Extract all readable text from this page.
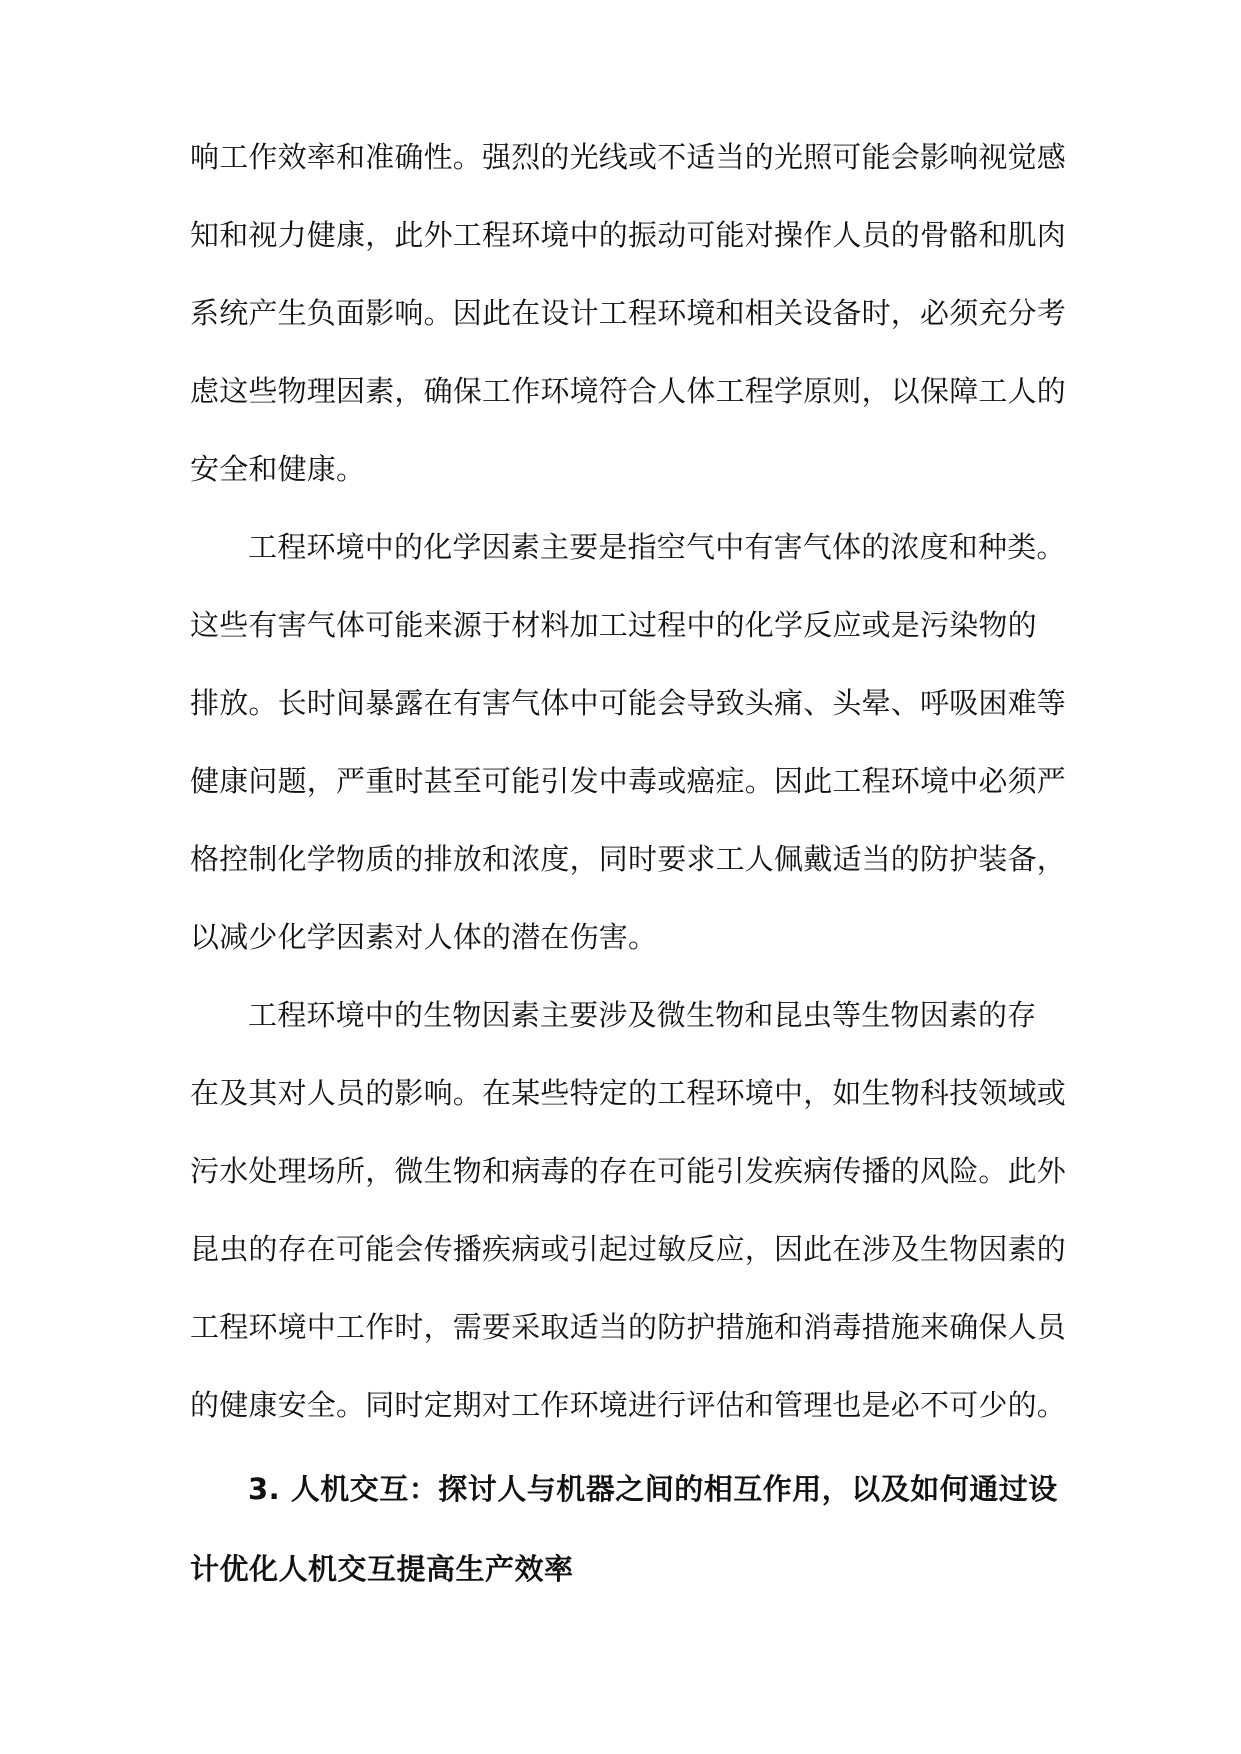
响工作效率和准确性。强烈的光线或不适当的光照可能会影响视觉感
知和视力健康，此外工程环境中的振动可能对操作人员的骨骼和肌肉
系统产生负面影响。因此在设计工程环境和相关设备时，必须充分考
虑这些物理因素，确保工作环境符合人体工程学原则，以保障工人的
安全和健康。
工程环境中的化学因素主要是指空气中有害气体的浓度和种类。
这些有害气体可能来源于材料加工过程中的化学反应或是污染物的
排放。长时间暴露在有害气体中可能会导致头痛、头晕、呼吸困难等
健康问题，严重时甚至可能引发中毒或癌症。因此工程环境中必须严
格控制化学物质的排放和浓度，同时要求工人佩戴适当的防护装备，
以减少化学因素对人体的潜在伤害。
工程环境中的生物因素主要涉及微生物和昆虫等生物因素的存
在及其对人员的影响。在某些特定的工程环境中，如生物科技领域或
污水处理场所，微生物和病毒的存在可能引发疾病传播的风险。此外
昆虫的存在可能会传播疾病或引起过敏反应，因此在涉及生物因素的
工程环境中工作时，需要采取适当的防护措施和消毒措施来确保人员
的健康安全。同时定期对工作环境进行评估和管理也是必不可少的。
3. 人机交互：探讨人与机器之间的相互作用，以及如何通过设
计优化人机交互提高生产效率
